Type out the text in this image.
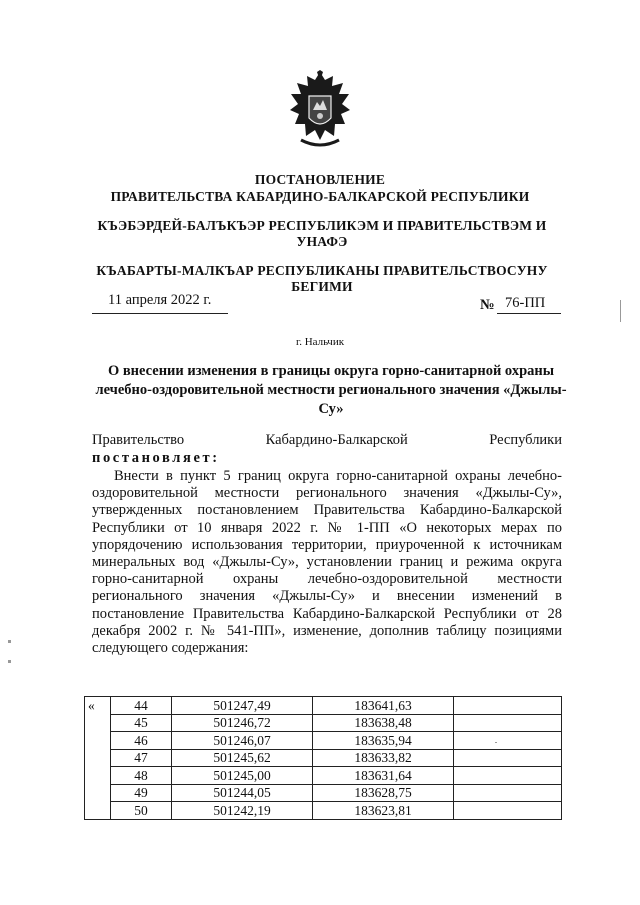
ПОСТАНОВЛЕНИЕ
ПРАВИТЕЛЬСТВА КАБАРДИНО-БАЛКАРСКОЙ РЕСПУБЛИКИ
КЪЭБЭРДЕЙ-БАЛЪКЪЭР РЕСПУБЛИКЭМ И ПРАВИТЕЛЬСТВЭМ И УНАФЭ
КЪАБАРТЫ-МАЛКЪАР РЕСПУБЛИКАНЫ ПРАВИТЕЛЬСТВОСУНУ БЕГИМИ
11 апреля 2022 г.	№ 76-ПП
г. Нальчик
О внесении изменения в границы округа горно-санитарной охраны лечебно-оздоровительной местности регионального значения «Джылы-Су»
Правительство	Кабардино-Балкарской	Республики
постановляет:
Внести в пункт 5 границ округа горно-санитарной охраны лечебно-оздоровительной местности регионального значения «Джылы-Су», утвержденных постановлением Правительства Кабардино-Балкарской Республики от 10 января 2022 г. № 1-ПП «О некоторых мерах по упорядочению использования территории, приуроченной к источникам минеральных вод «Джылы-Су», установлении границ и режима округа горно-санитарной охраны лечебно-оздоровительной местности регионального значения «Джылы-Су» и внесении изменений в постановление Правительства Кабардино-Балкарской Республики от 28 декабря 2002 г. № 541-ПП», изменение, дополнив таблицу позициями следующего содержания:
«	44	501247,49	183641,63	
	45	501246,72	183638,48	
	46	501246,07	183635,94	
	47	501245,62	183633,82	
	48	501245,00	183631,64	
	49	501244,05	183628,75	
	50	501242,19	183623,81	
